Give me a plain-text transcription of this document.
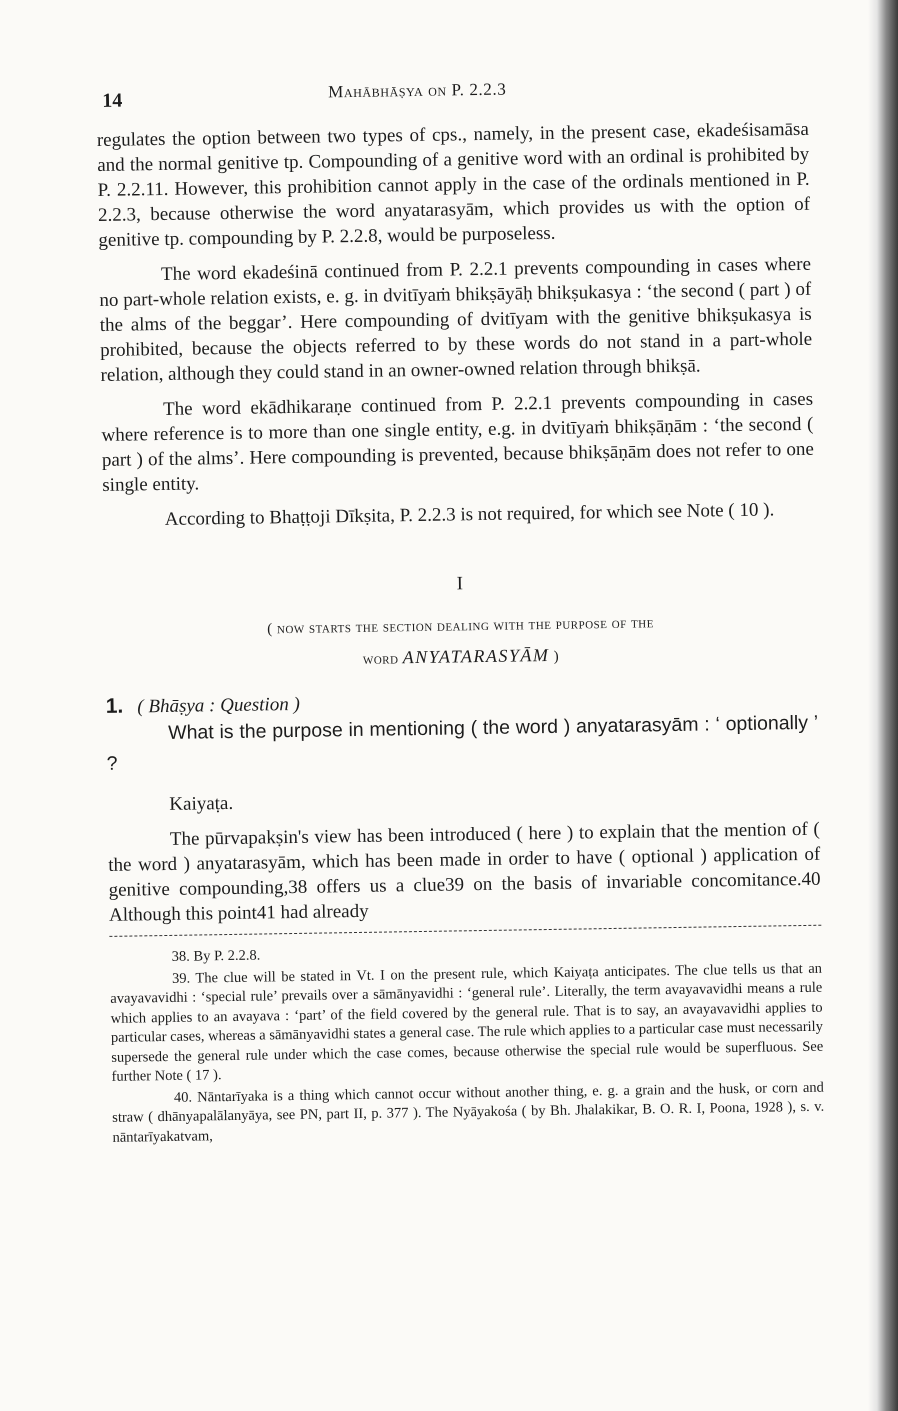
14	Mahābhāṣya on P. 2.2.3

regulates the option between two types of cps., namely, in the present case, ekadeśisamāsa and the normal genitive tp. Compounding of a genitive word with an ordinal is prohibited by P. 2.2.11. However, this prohibition cannot apply in the case of the ordinals mentioned in P. 2.2.3, because otherwise the word anyatarasyām, which provides us with the option of genitive tp. compounding by P. 2.2.8, would be purposeless.

The word ekadeśinā continued from P. 2.2.1 prevents compounding in cases where no part-whole relation exists, e. g. in dvitīyaṁ bhikṣāyāḥ bhikṣukasya : ‘the second ( part ) of the alms of the beggar’. Here compounding of dvitīyam with the genitive bhikṣukasya is prohibited, because the objects referred to by these words do not stand in a part-whole relation, although they could stand in an owner-owned relation through bhikṣā.

The word ekādhikaraṇe continued from P. 2.2.1 prevents compounding in cases where reference is to more than one single entity, e.g. in dvitīyaṁ bhikṣāṇām : ‘the second ( part ) of the alms’. Here compounding is prevented, because bhikṣāṇām does not refer to one single entity.

According to Bhaṭṭoji Dīkṣita, P. 2.2.3 is not required, for which see Note ( 10 ).

I
( now starts the section dealing with the purpose of the
word ANYATARASYĀM )
1. ( Bhāṣya : Question )

What is the purpose in mentioning ( the word ) anyatarasyām : ‘ optionally ’ ?

Kaiyaṭa.

The pūrvapakṣin's view has been introduced ( here ) to explain that the mention of ( the word ) anyatarasyām, which has been made in order to have ( optional ) application of genitive compounding,38 offers us a clue39 on the basis of invariable concomitance.40 Although this point41 had already

38. By P. 2.2.8.

39. The clue will be stated in Vt. I on the present rule, which Kaiyaṭa anticipates. The clue tells us that an avayavavidhi : ‘special rule’ prevails over a sāmānyavidhi : ‘general rule’. Literally, the term avayavavidhi means a rule which applies to an avayava : ‘part’ of the field covered by the general rule. That is to say, an avayavavidhi applies to particular cases, whereas a sāmānyavidhi states a general case. The rule which applies to a particular case must necessarily supersede the general rule under which the case comes, because otherwise the special rule would be superfluous. See further Note ( 17 ).

40. Nāntarīyaka is a thing which cannot occur without another thing, e. g. a grain and the husk, or corn and straw ( dhānyapalālanyāya, see PN, part II, p. 377 ). The Nyāyakośa ( by Bh. Jhalakikar, B. O. R. I, Poona, 1928 ), s. v. nāntarīyakatvam,
